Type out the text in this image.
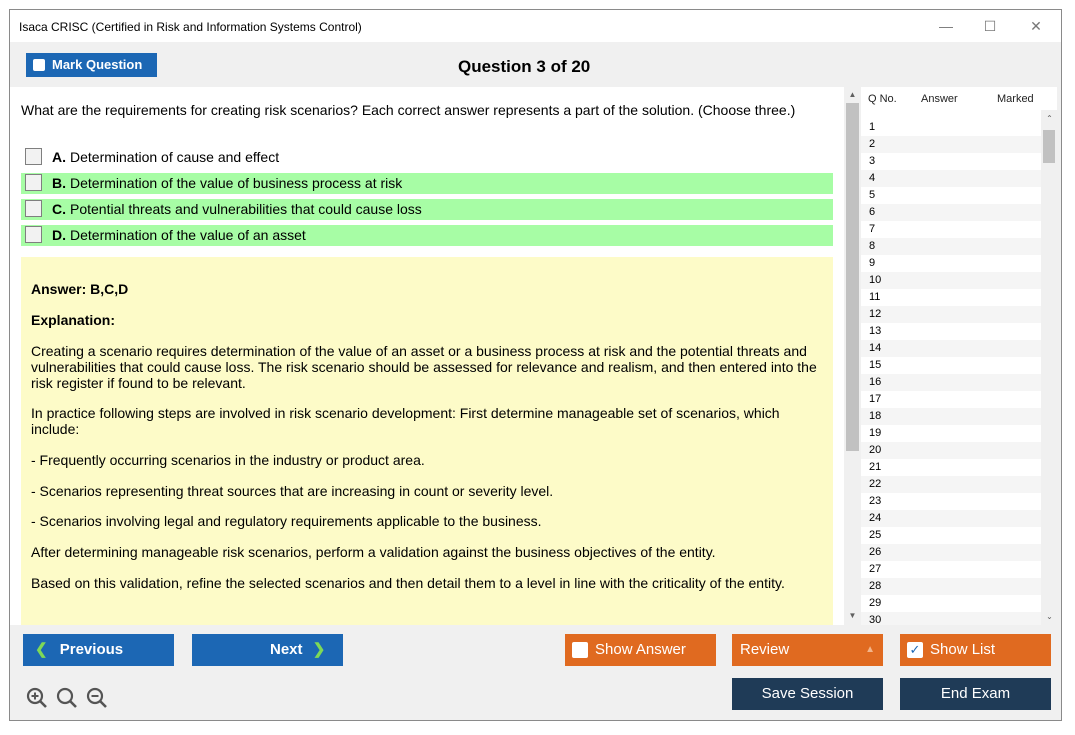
Isaca CRISC (Certified in Risk and Information Systems Control)	—	☐	✕
Mark Question	Question 3 of 20
What are the requirements for creating risk scenarios? Each correct answer represents a part of the solution. (Choose three.)
A. Determination of cause and effect
B. Determination of the value of business process at risk
C. Potential threats and vulnerabilities that could cause loss
D. Determination of the value of an asset

Answer: B,C,D

Explanation:

Creating a scenario requires determination of the value of an asset or a business process at risk and the potential threats and vulnerabilities that could cause loss. The risk scenario should be assessed for relevance and realism, and then entered into the risk register if found to be relevant.

In practice following steps are involved in risk scenario development: First determine manageable set of scenarios, which include:

- Frequently occurring scenarios in the industry or product area.

- Scenarios representing threat sources that are increasing in count or severity level.

- Scenarios involving legal and regulatory requirements applicable to the business.

After determining manageable risk scenarios, perform a validation against the business objectives of the entity.

Based on this validation, refine the selected scenarios and then detail them to a level in line with the criticality of the entity.

▲
▼
Q No. Answer	Marked
1
2
3
4
5
6
7
8
9
10
11
12
13
14
15
16
17
18
19
20
21
22
23
24
25
26
27
28
29
30
⌃
⌄
❮ Previous	Next ❯	Show Answer	Review	▲	✓ Show List
Save Session	End Exam
